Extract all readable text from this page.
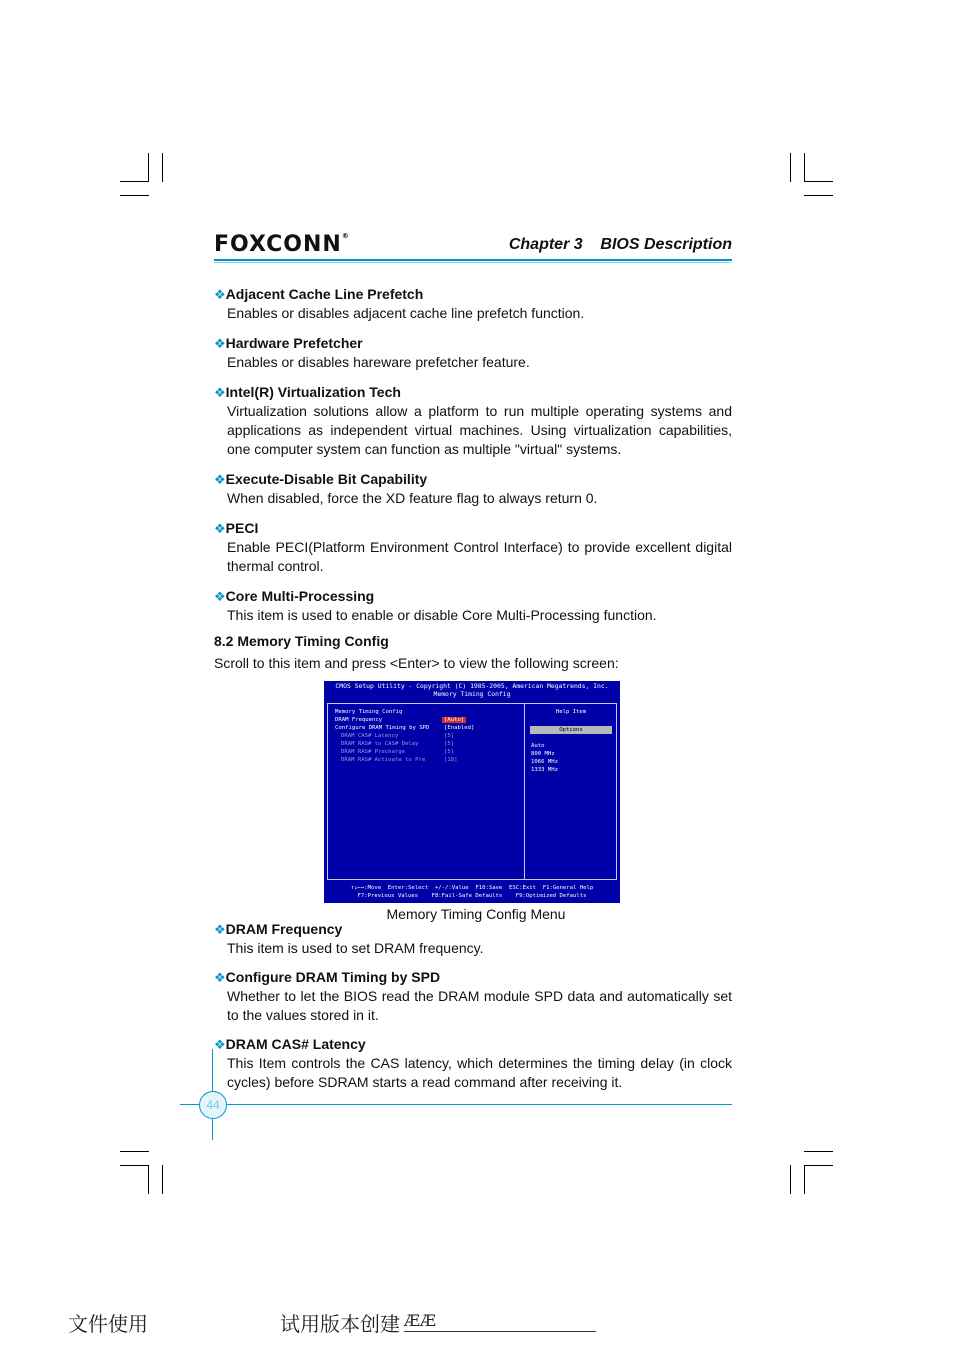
FOXCONN®	Chapter 3 BIOS Description

❖Adjacent Cache Line Prefetch

Enables or disables adjacent cache line prefetch function.

❖Hardware Prefetcher

Enables or disables hareware prefetcher feature.

❖Intel(R) Virtualization Tech

Virtualization solutions allow a platform to run multiple operating systems and applications as independent virtual machines. Using virtualization capabilities, one computer system can function as multiple "virtual" systems.

❖Execute-Disable Bit Capability

When disabled, force the XD feature flag to always return 0.

❖PECI

Enable PECI(Platform Environment Control Interface) to provide excellent digital thermal control.

❖Core Multi-Processing

This item is used to enable or disable Core Multi-Processing function.

8.2 Memory Timing Config
Scroll to this item and press <Enter> to view the following screen:
CMOS Setup Utility - Copyright (C) 1985-2005, American Megatrends, Inc.
Memory Timing Config
Memory Timing Config
DRAM Frequency	[Auto]
Configure DRAM Timing by SPD	[Enabled]
DRAM CAS# Latency	[5]
DRAM RAS# to CAS# Delay	[5]
DRAM RAS# Precharge	[5]
DRAM RAS# Activate to Pre	[18]
Help Item
Options
Auto
800 MHz
1066 MHz
1333 MHz
↑↓←→:Move  Enter:Select  +/-/:Value  F10:Save  ESC:Exit  F1:General Help
F7:Previous Values    F8:Fail-Safe Defaults    F9:Optimized Defaults
Memory Timing Config Menu

❖DRAM Frequency

This item is used to set DRAM frequency.

❖Configure DRAM Timing by SPD

Whether to let the BIOS read the DRAM module SPD data and automatically set to the values stored in it.

❖DRAM CAS# Latency

This Item controls the CAS latency, which determines the timing delay (in clock cycles) before SDRAM starts a read command after receiving it.

44
文件使用	试用版本创建 ÆÆ
